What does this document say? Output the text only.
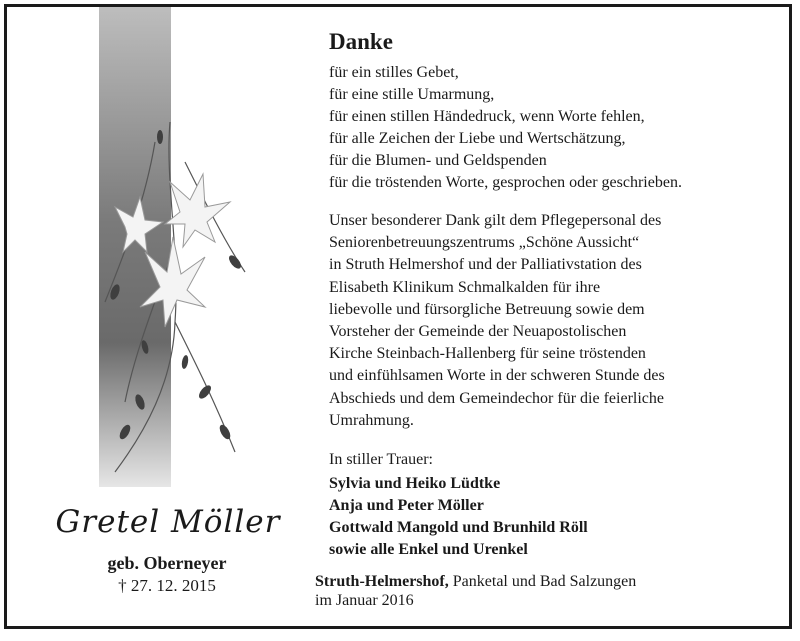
Gretel Möller
geb. Oberneyer
† 27. 12. 2015
Danke
für ein stilles Gebet,
für eine stille Umarmung,
für einen stillen Händedruck, wenn Worte fehlen,
für alle Zeichen der Liebe und Wertschätzung,
für die Blumen- und Geldspenden
für die tröstenden Worte, gesprochen oder geschrieben.
Unser besonderer Dank gilt dem Pflegepersonal des
Seniorenbetreuungszentrums „Schöne Aussicht“
in Struth Helmershof und der Palliativstation des
Elisabeth Klinikum Schmalkalden für ihre
liebevolle und fürsorgliche Betreuung sowie dem
Vorsteher der Gemeinde der Neuapostolischen
Kirche Steinbach-Hallenberg für seine tröstenden
und einfühlsamen Worte in der schweren Stunde des
Abschieds und dem Gemeindechor für die feierliche
Umrahmung.
In stiller Trauer:
Sylvia und Heiko Lüdtke
Anja und Peter Möller
Gottwald Mangold und Brunhild Röll
sowie alle Enkel und Urenkel
Struth-Helmershof, Panketal und Bad Salzungen
im Januar 2016
